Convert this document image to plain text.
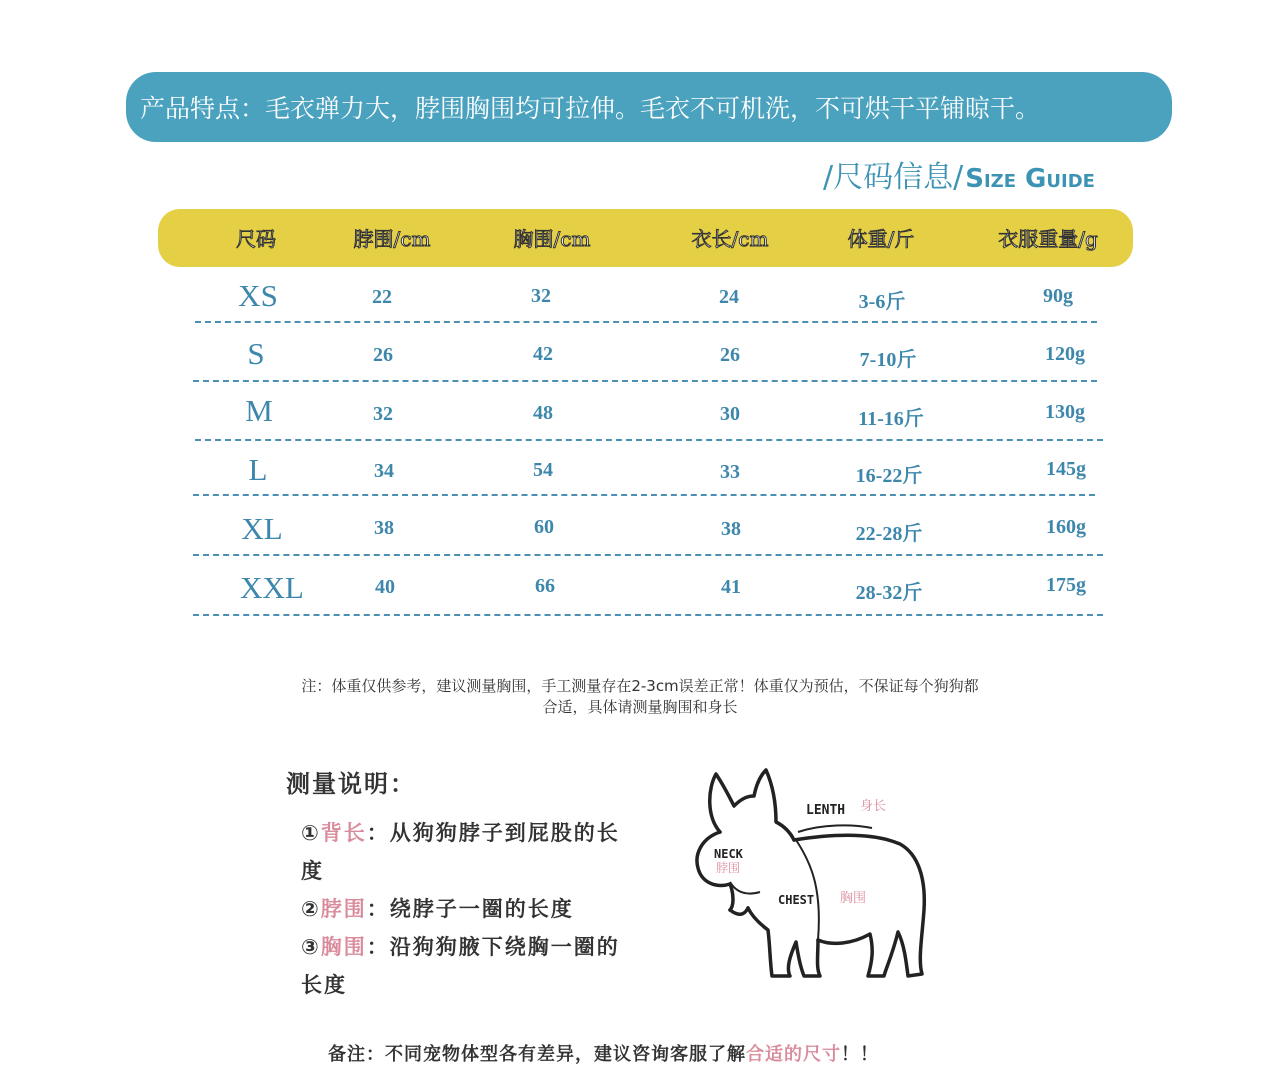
产品特点：毛衣弹力大，脖围胸围均可拉伸。毛衣不可机洗，不可烘干平铺晾干。
/ 尺码信息 / Size Guide
尺码	脖围/cm	胸围/cm	衣长/cm	体重/斤	衣服重量/g
XS	22	32	24	3-6斤	90g
S	26	42	26	7-10斤	120g
M	32	48	30	11-16斤	130g
L	34	54	33	16-22斤	145g
XL	38	60	38	22-28斤	160g
XXL	40	66	41	28-32斤	175g
注：体重仅供参考，建议测量胸围，手工测量存在2-3cm误差正常！体重仅为预估，不保证每个狗狗都
合适，具体请测量胸围和身长
测量说明：

①背长：从狗狗脖子到屁股的长度

②脖围：绕脖子一圈的长度

③胸围：沿狗狗腋下绕胸一圈的长度

LENTH 身长
NECK
脖围
CHEST 胸围
备注：不同宠物体型各有差异，建议咨询客服了解合适的尺寸！！
